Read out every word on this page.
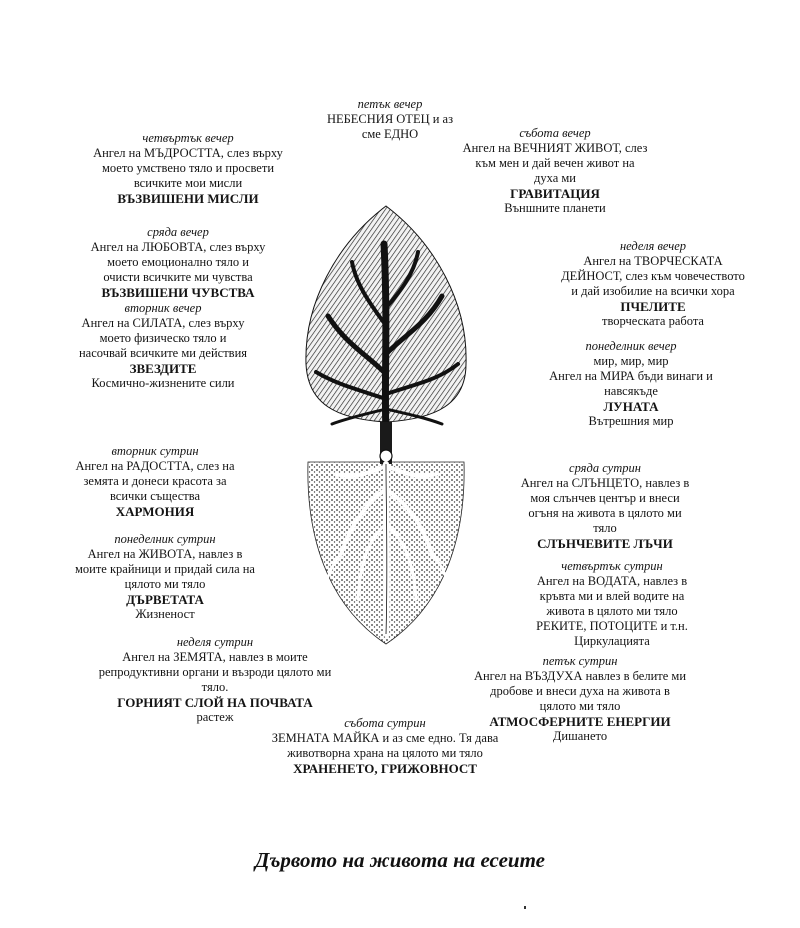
петък вечер
НЕБЕСНИЯ ОТЕЦ и аз
сме ЕДНО
четвъртък вечер
Ангел на МЪДРОСТТА, слез върху
моето умствено тяло и просвети
всичките мои мисли
ВЪЗВИШЕНИ МИСЛИ
събота вечер
Ангел на ВЕЧНИЯТ ЖИВОТ, слез
към мен и дай вечен живот на
духа ми
ГРАВИТАЦИЯ
Външните планети
сряда вечер
Ангел на ЛЮБОВТА, слез върху
моето емоционално тяло и
очисти всичките ми чувства
ВЪЗВИШЕНИ ЧУВСТВА
неделя вечер
Ангел на ТВОРЧЕСКАТА
ДЕЙНОСТ, слез към човечеството
и дай изобилие на всички хора
ПЧЕЛИТЕ
творческата работа
вторник вечер
Ангел на СИЛАТА, слез върху
моето физическо тяло и
насочвай всичките ми действия
ЗВЕЗДИТЕ
Космично-жизнените сили
понеделник вечер
мир, мир, мир
Ангел на МИРА бъди винаги и
навсякъде
ЛУНАТА
Вътрешния мир
вторник сутрин
Ангел на РАДОСТТА, слез на
земята и донеси красота за
всички същества
ХАРМОНИЯ
сряда сутрин
Ангел на СЛЪНЦЕТО, навлез в
моя слънчев център и внеси
огъня на живота в цялото ми
тяло
СЛЪНЧЕВИТЕ ЛЪЧИ
понеделник сутрин
Ангел на ЖИВОТА, навлез в
моите крайници и придай сила на
цялото ми тяло
ДЪРВЕТАТА
Жизненост
четвъртък сутрин
Ангел на ВОДАТА, навлез в
кръвта ми и влей водите на
живота в цялото ми тяло
РЕКИТЕ, ПОТОЦИТЕ и т.н.
Циркулацията
неделя сутрин
Ангел на ЗЕМЯТА, навлез в моите
репродуктивни органи и възроди цялото ми
тяло.
ГОРНИЯТ СЛОЙ НА ПОЧВАТА
растеж
петък сутрин
Ангел на ВЪЗДУХА навлез в белите ми
дробове и внеси духа на живота в
цялото ми тяло
АТМОСФЕРНИТЕ ЕНЕРГИИ
Дишането
събота сутрин
ЗЕМНАТА МАЙКА и аз сме едно. Тя дава
животворна храна на цялото ми тяло
ХРАНЕНЕТО, ГРИЖОВНОСТ
Дървото на живота на есеите
